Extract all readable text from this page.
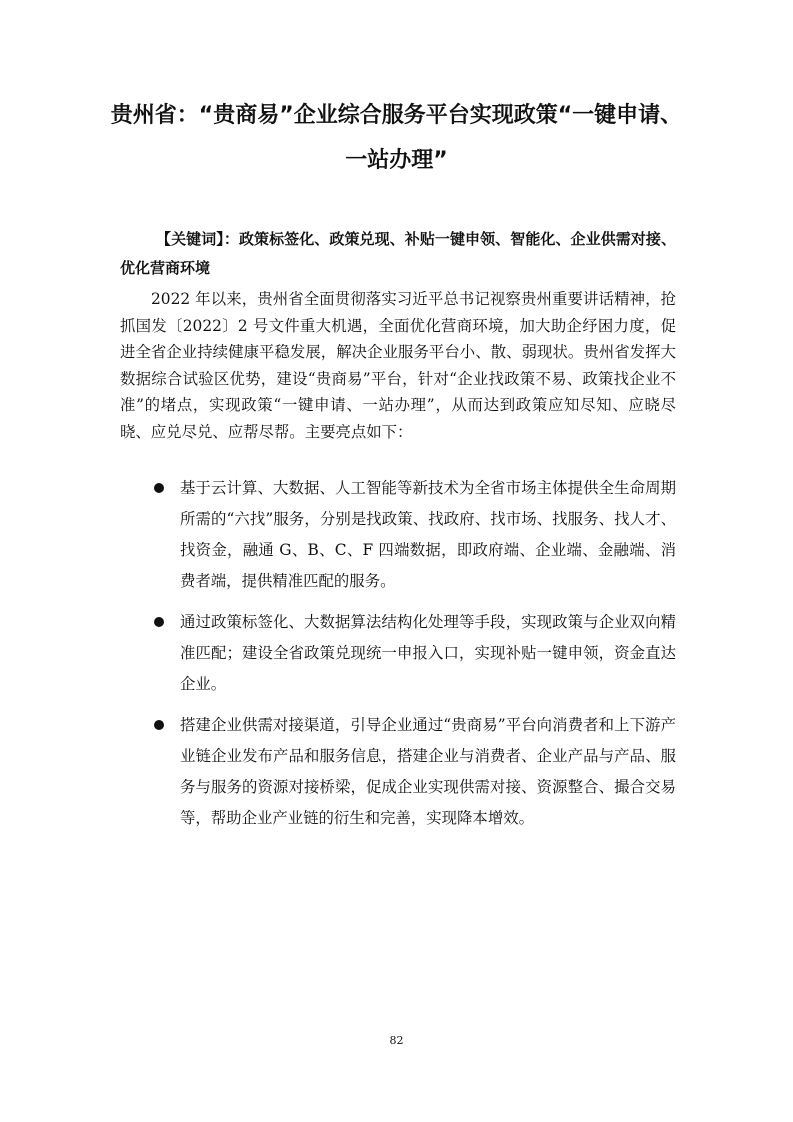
贵州省：“贵商易”企业综合服务平台实现政策“一键申请、
一站办理”

【关键词】：政策标签化、政策兑现、补贴一键申领、智能化、企业供需对接、优化营商环境

2022 年以来，贵州省全面贯彻落实习近平总书记视察贵州重要讲话精神，抢抓国发〔2022〕2 号文件重大机遇，全面优化营商环境，加大助企纾困力度，促进全省企业持续健康平稳发展，解决企业服务平台小、散、弱现状。贵州省发挥大数据综合试验区优势，建设“贵商易”平台，针对“企业找政策不易、政策找企业不准”的堵点，实现政策“一键申请、一站办理”，从而达到政策应知尽知、应晓尽晓、应兑尽兑、应帮尽帮。主要亮点如下：

基于云计算、大数据、人工智能等新技术为全省市场主体提供全生命周期所需的“六找”服务，分别是找政策、找政府、找市场、找服务、找人才、找资金，融通 G、B、C、F 四端数据，即政府端、企业端、金融端、消费者端，提供精准匹配的服务。
通过政策标签化、大数据算法结构化处理等手段，实现政策与企业双向精准匹配；建设全省政策兑现统一申报入口，实现补贴一键申领，资金直达企业。
搭建企业供需对接渠道，引导企业通过“贵商易”平台向消费者和上下游产业链企业发布产品和服务信息，搭建企业与消费者、企业产品与产品、服务与服务的资源对接桥梁，促成企业实现供需对接、资源整合、撮合交易等，帮助企业产业链的衍生和完善，实现降本增效。
82
